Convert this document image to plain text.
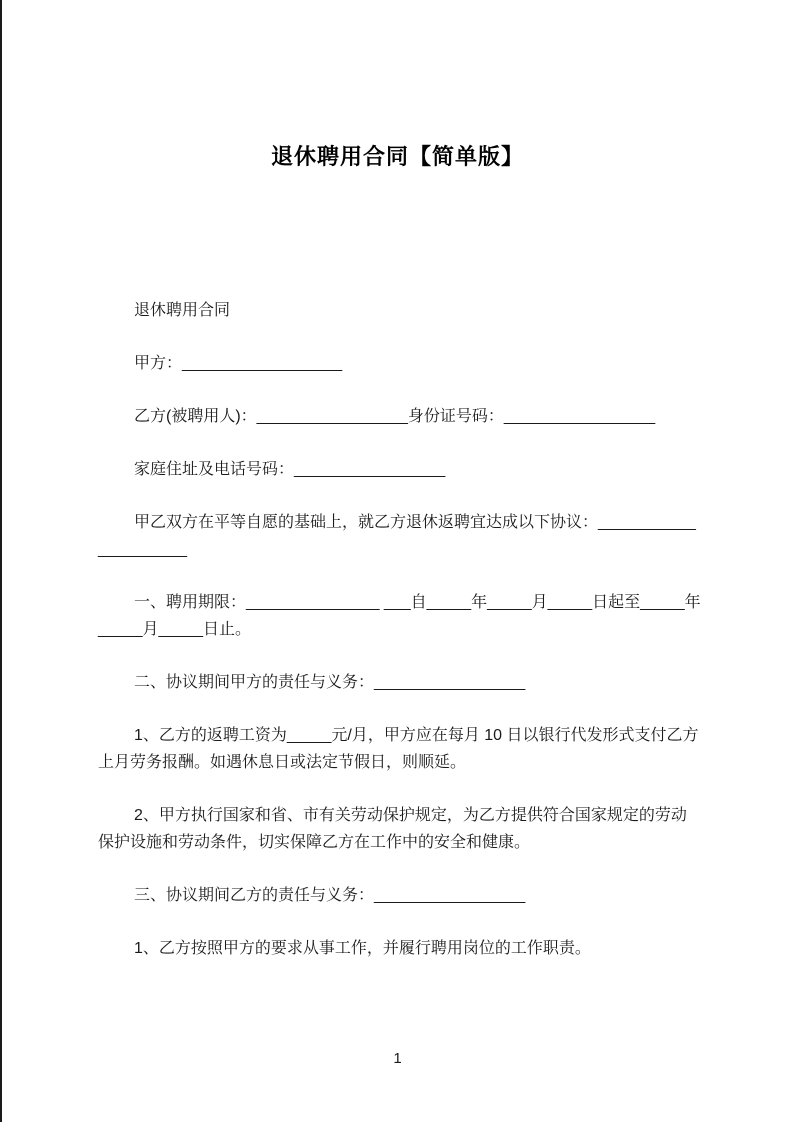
退休聘用合同【简单版】

退休聘用合同

甲方：__________________

乙方(被聘用人)：_________________身份证号码：_________________

家庭住址及电话号码：_________________

甲乙双方在平等自愿的基础上，就乙方退休返聘宜达成以下协议：_____________________

一、聘用期限：_______________ ___自_____年_____月_____日起至_____年_____月_____日止。

二、协议期间甲方的责任与义务：_________________

1、乙方的返聘工资为_____元/月，甲方应在每月 10 日以银行代发形式支付乙方上月劳务报酬。如遇休息日或法定节假日，则顺延。

2、甲方执行国家和省、市有关劳动保护规定，为乙方提供符合国家规定的劳动保护设施和劳动条件，切实保障乙方在工作中的安全和健康。

三、协议期间乙方的责任与义务：_________________

1、乙方按照甲方的要求从事工作，并履行聘用岗位的工作职责。

1
